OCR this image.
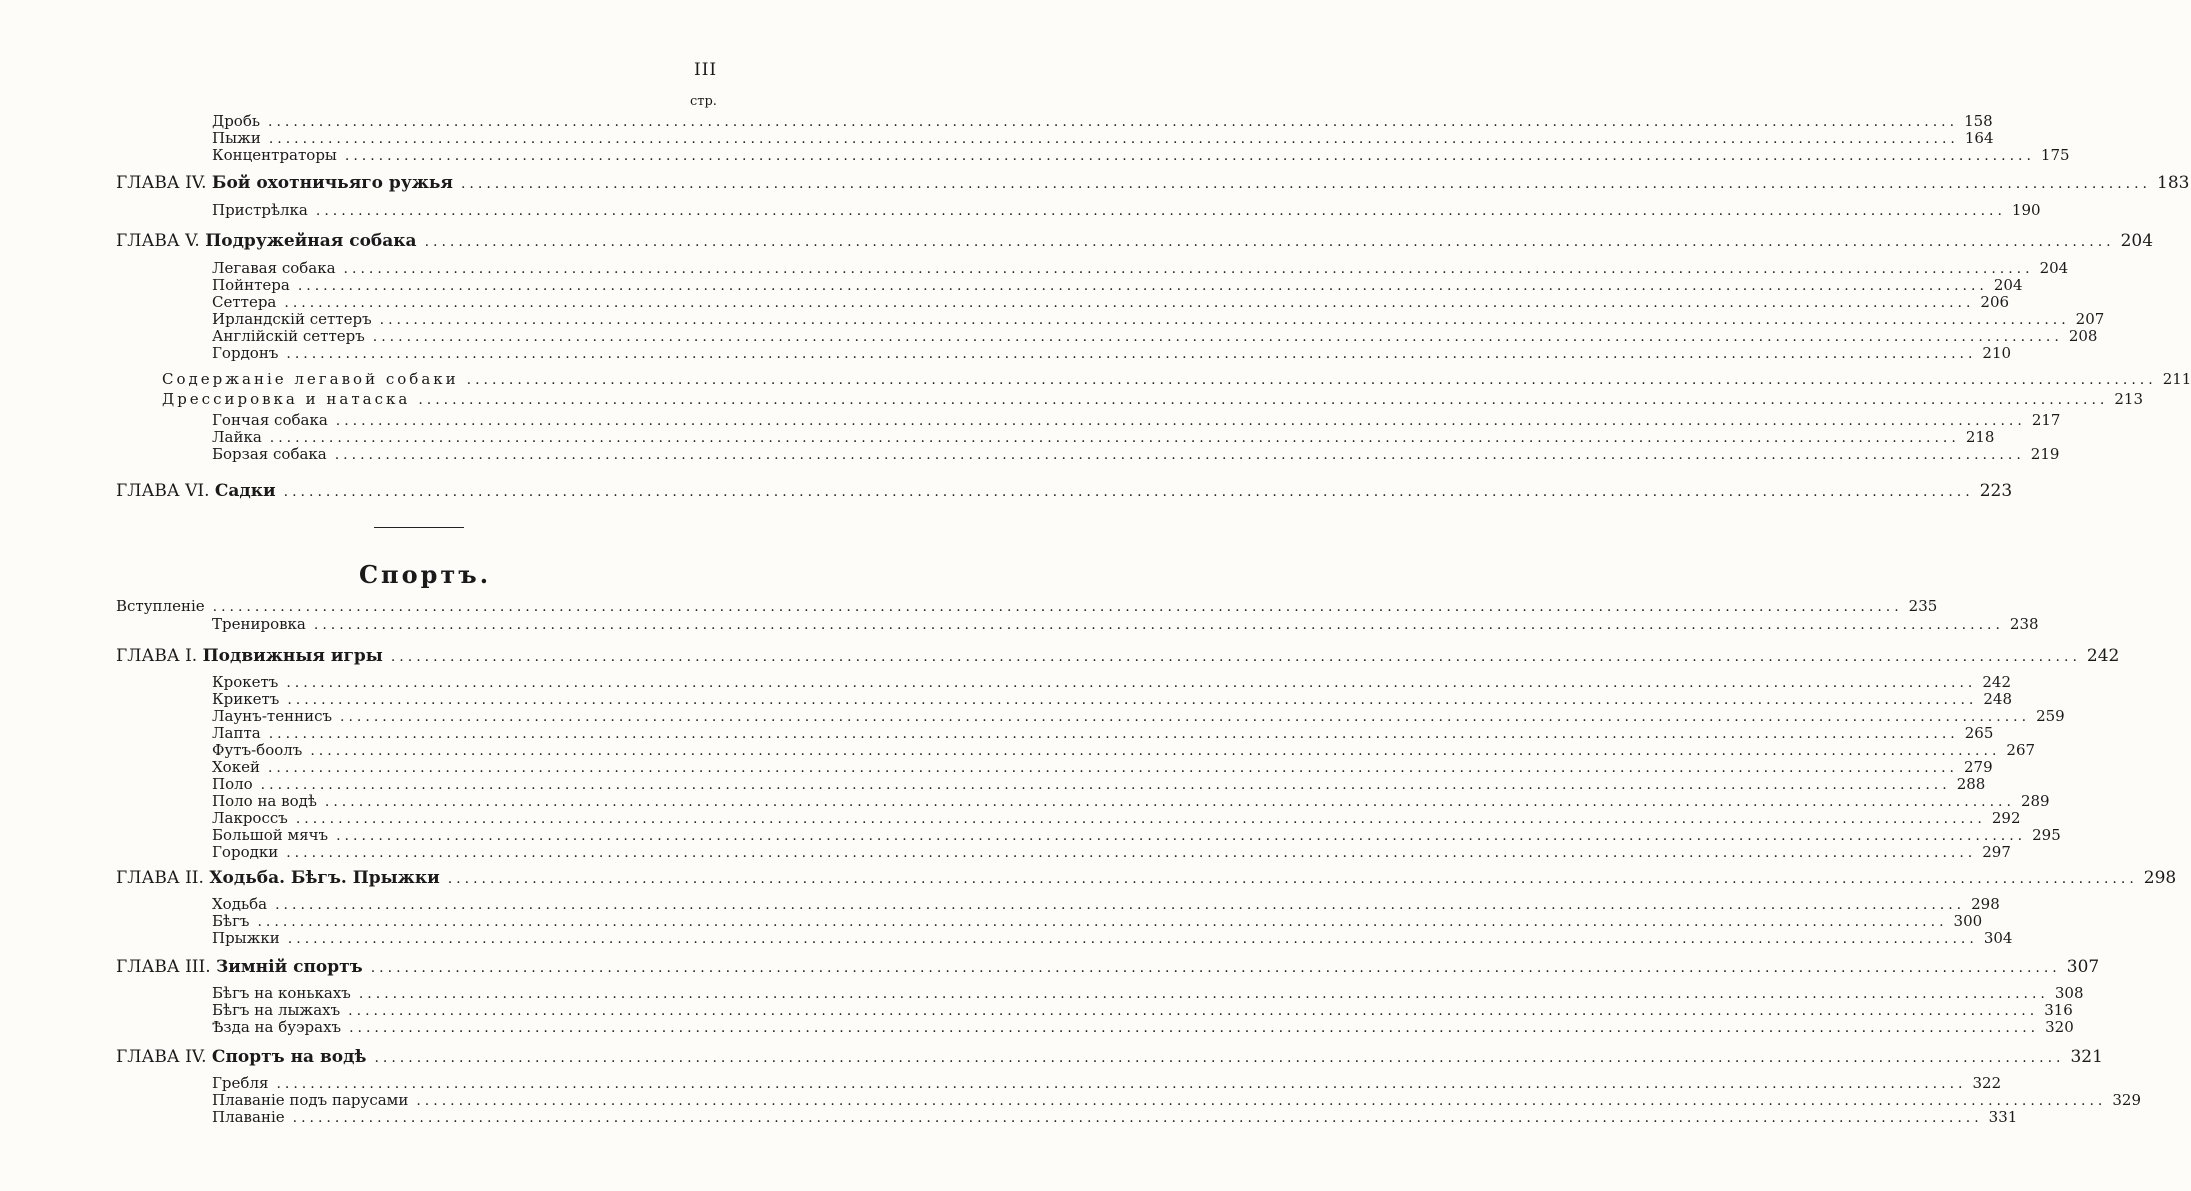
III
стр.
Дробь ........................................................................................................................................................................................................ 158
Пыжи ........................................................................................................................................................................................................ 164
Концентраторы ........................................................................................................................................................................................................ 175
ГЛАВА IV. Бой охотничьяго ружья ........................................................................................................................................................................................................ 183
Пристрѣлка ........................................................................................................................................................................................................ 190
ГЛАВА V. Подружейная собака ........................................................................................................................................................................................................ 204
Легавая собака ........................................................................................................................................................................................................ 204
Пойнтера ........................................................................................................................................................................................................ 204
Сеттера ........................................................................................................................................................................................................ 206
Ирландскій сеттеръ ........................................................................................................................................................................................................ 207
Англійскій сеттеръ ........................................................................................................................................................................................................ 208
Гордонъ ........................................................................................................................................................................................................ 210
Содержаніе легавой собаки ........................................................................................................................................................................................................ 211
Дрессировка и натаска ........................................................................................................................................................................................................ 213
Гончая собака ........................................................................................................................................................................................................ 217
Лайка ........................................................................................................................................................................................................ 218
Борзая собака ........................................................................................................................................................................................................ 219
ГЛАВА VI. Садки ........................................................................................................................................................................................................ 223
Спортъ.
Вступленіе ........................................................................................................................................................................................................ 235
Тренировка ........................................................................................................................................................................................................ 238
ГЛАВА I. Подвижныя игры ........................................................................................................................................................................................................ 242
Крокетъ ........................................................................................................................................................................................................ 242
Крикетъ ........................................................................................................................................................................................................ 248
Лаунъ-теннисъ ........................................................................................................................................................................................................ 259
Лапта ........................................................................................................................................................................................................ 265
Футъ-боолъ ........................................................................................................................................................................................................ 267
Хокей ........................................................................................................................................................................................................ 279
Поло ........................................................................................................................................................................................................ 288
Поло на водѣ ........................................................................................................................................................................................................ 289
Лакроссъ ........................................................................................................................................................................................................ 292
Большой мячъ ........................................................................................................................................................................................................ 295
Городки ........................................................................................................................................................................................................ 297
ГЛАВА II. Ходьба. Бѣгъ. Прыжки ........................................................................................................................................................................................................ 298
Ходьба ........................................................................................................................................................................................................ 298
Бѣгъ ........................................................................................................................................................................................................ 300
Прыжки ........................................................................................................................................................................................................ 304
ГЛАВА III. Зимній спортъ ........................................................................................................................................................................................................ 307
Бѣгъ на конькахъ ........................................................................................................................................................................................................ 308
Бѣгъ на лыжахъ ........................................................................................................................................................................................................ 316
Ѣзда на буэрахъ ........................................................................................................................................................................................................ 320
ГЛАВА IV. Спортъ на водѣ ........................................................................................................................................................................................................ 321
Гребля ........................................................................................................................................................................................................ 322
Плаваніе подъ парусами ........................................................................................................................................................................................................ 329
Плаваніе ........................................................................................................................................................................................................ 331
